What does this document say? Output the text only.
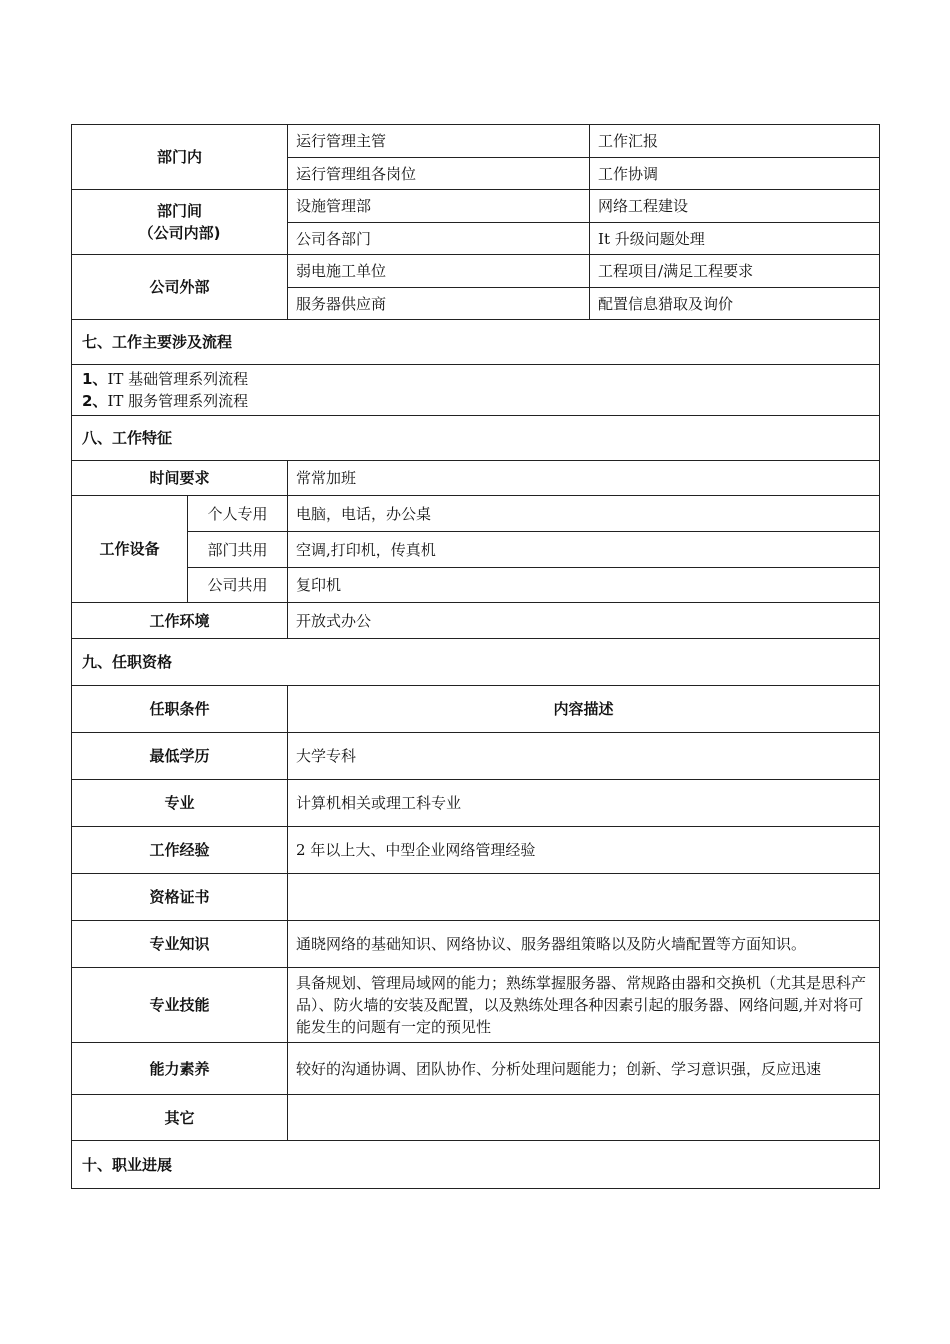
部门内		运行管理主管	工作汇报
		运行管理组各岗位	工作协调

部门间
（公司内部)		设施管理部	网络工程建设
		公司各部门	It 升级问题处理
公司外部		弱电施工单位	工程项目/满足工程要求
		服务器供应商	配置信息猎取及询价
七、工作主要涉及流程			

1、IT 基础管理系列流程
2、IT 服务管理系列流程			

八、工作特征			
时间要求		常常加班	
工作设备	个人专用	电脑，电话，办公桌	
	部门共用	空调,打印机，传真机	
	公司共用	复印机	
工作环境		开放式办公	
九、任职资格			
任职条件		内容描述	
最低学历		大学专科	
专业		计算机相关或理工科专业	
工作经验		2 年以上大、中型企业网络管理经验	
资格证书			
专业知识		通晓网络的基础知识、网络协议、服务器组策略以及防火墙配置等方面知识。	
专业技能		具备规划、管理局域网的能力；熟练掌握服务器、常规路由器和交换机（尤其是思科产品）、防火墙的安装及配置，以及熟练处理各种因素引起的服务器、网络问题,并对将可能发生的问题有一定的预见性	
能力素养		较好的沟通协调、团队协作、分析处理问题能力；创新、学习意识强，反应迅速	
其它			
十、职业进展			
